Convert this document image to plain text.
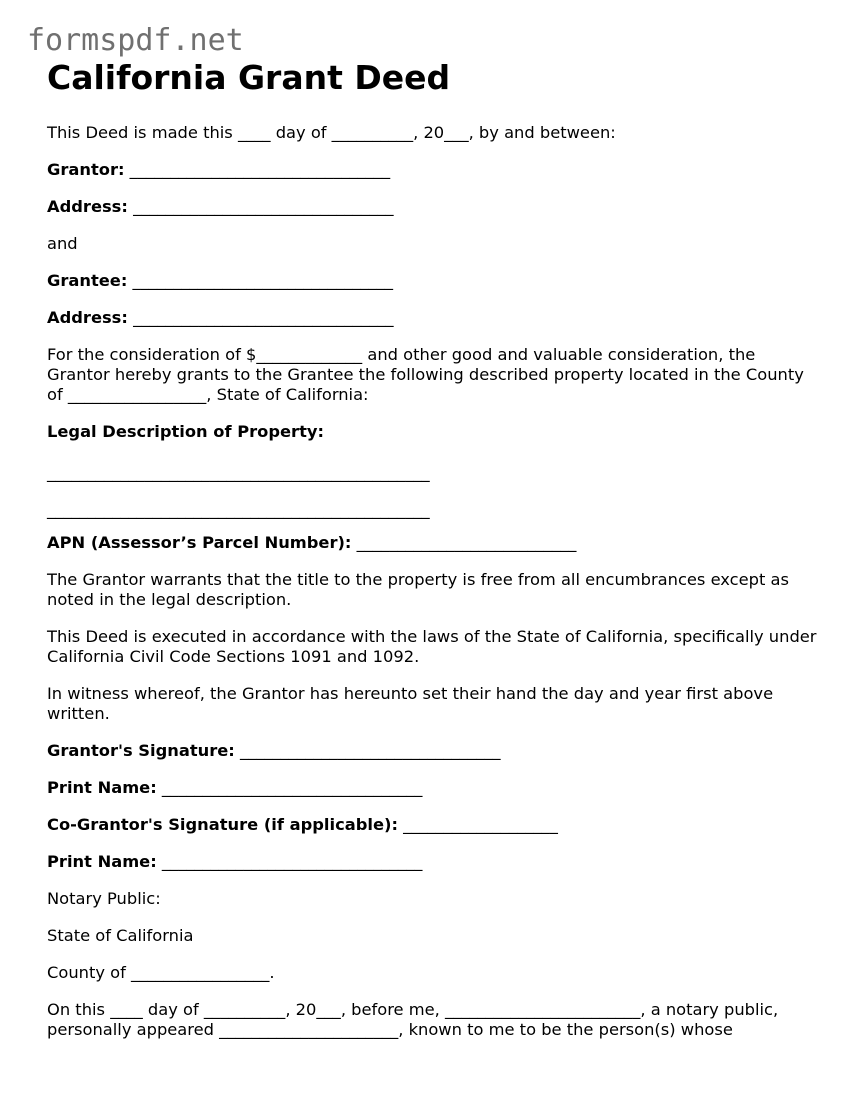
formspdf.net
California Grant Deed

This Deed is made this ____ day of __________, 20___, by and between:

Grantor: ________________________________

Address: ________________________________

and

Grantee: ________________________________

Address: ________________________________

For the consideration of $_____________ and other good and valuable consideration, the Grantor hereby grants to the Grantee the following described property located in the County of _________________, State of California:

Legal Description of Property:

_______________________________________________

_______________________________________________

APN (Assessor’s Parcel Number): ___________________________

The Grantor warrants that the title to the property is free from all encumbrances except as noted in the legal description.

This Deed is executed in accordance with the laws of the State of California, specifically under California Civil Code Sections 1091 and 1092.

In witness whereof, the Grantor has hereunto set their hand the day and year first above written.

Grantor's Signature: ________________________________

Print Name: ________________________________

Co-Grantor's Signature (if applicable): ___________________

Print Name: ________________________________

Notary Public:

State of California

County of _________________.

On this ____ day of __________, 20___, before me, ________________________, a notary public, personally appeared ______________________, known to me to be the person(s) whose
